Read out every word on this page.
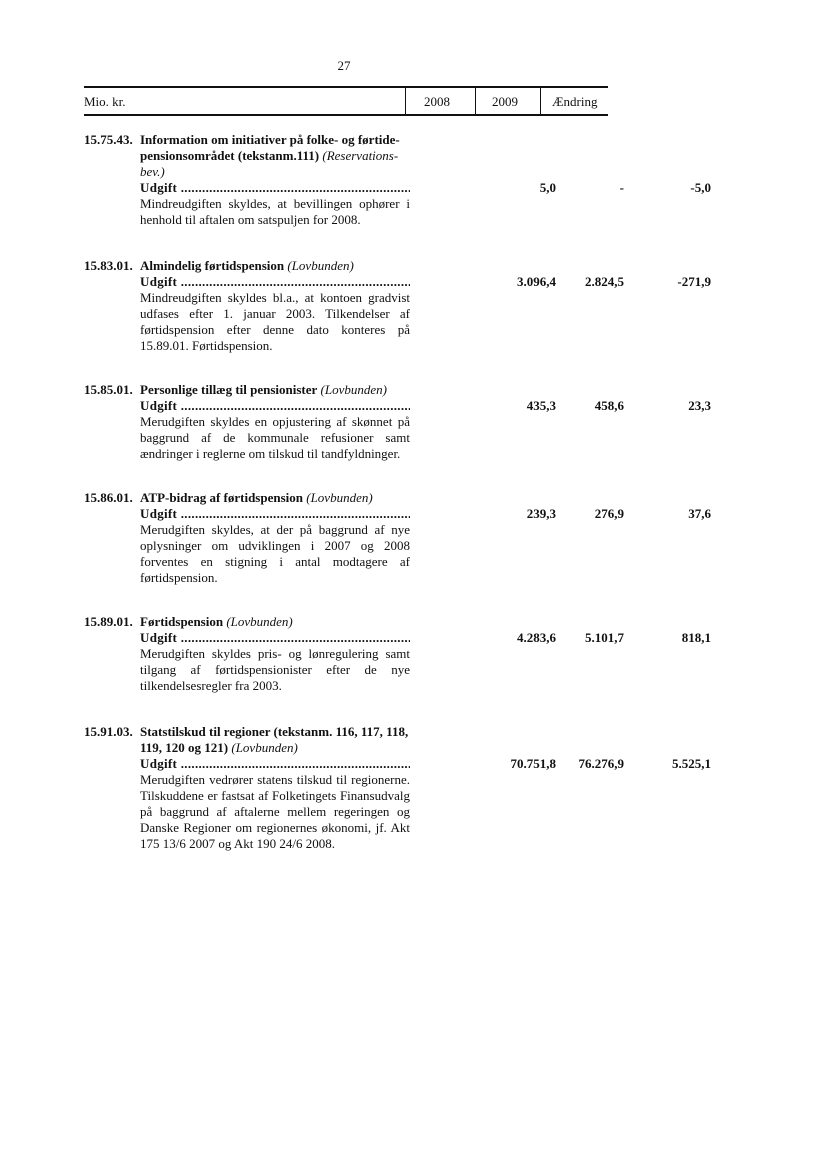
27
Mio. kr.	2008	2009	Ændring
15.75.43. Information om initiativer på folke- og førtide-pensionsområdet (tekstanm.111) (Reservations-bev.)
Udgift .....
Mindreudgiften skyldes, at bevillingen ophører i henhold til aftalen om satspuljen for 2008.
5,0	-	-5,0
15.83.01. Almindelig førtidspension (Lovbunden)
Udgift .....
Mindreudgiften skyldes bl.a., at kontoen gradvist udfases efter 1. januar 2003. Tilkendelser af førtidspension efter denne dato konteres på 15.89.01. Førtidspension.
3.096,4	2.824,5	-271,9
15.85.01. Personlige tillæg til pensionister (Lovbunden)
Udgift .....
Merudgiften skyldes en opjustering af skønnet på baggrund af de kommunale refusioner samt ændringer i reglerne om tilskud til tandfyldninger.
435,3	458,6	23,3
15.86.01. ATP-bidrag af førtidspension (Lovbunden)
Udgift .....
Merudgiften skyldes, at der på baggrund af nye oplysninger om udviklingen i 2007 og 2008 forventes en stigning i antal modtagere af førtidspension.
239,3	276,9	37,6
15.89.01. Førtidspension (Lovbunden)
Udgift .....
Merudgiften skyldes pris- og lønregulering samt tilgang af førtidspensionister efter de nye tilkendelsesregler fra 2003.
4.283,6	5.101,7	818,1
15.91.03. Statstilskud til regioner (tekstanm. 116, 117, 118, 119, 120 og 121) (Lovbunden)
Udgift .....
Merudgiften vedrører statens tilskud til regionerne. Tilskuddene er fastsat af Folketingets Finansudvalg på baggrund af aftalerne mellem regeringen og Danske Regioner om regionernes økonomi, jf. Akt 175 13/6 2007 og Akt 190 24/6 2008.
70.751,8	76.276,9	5.525,1
